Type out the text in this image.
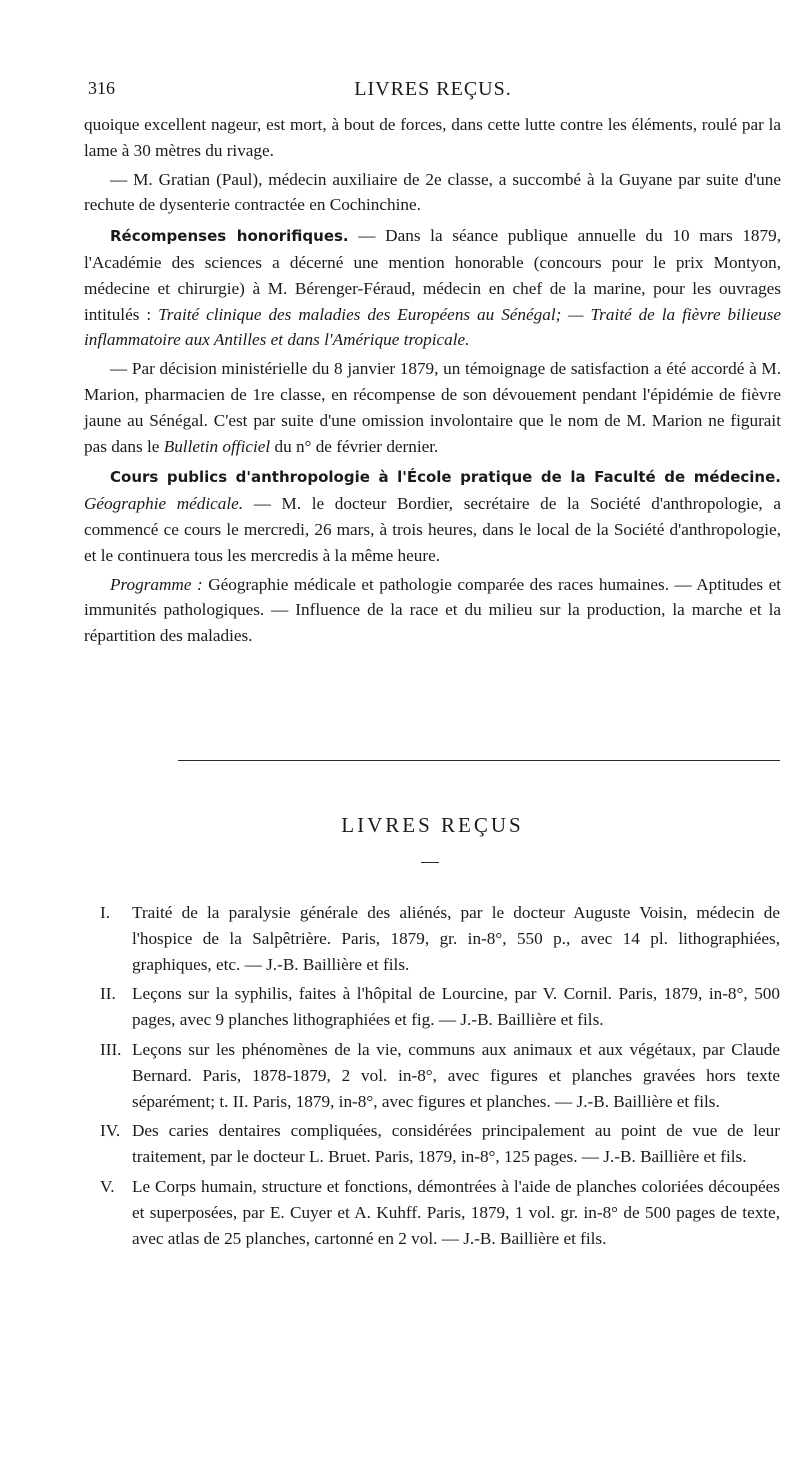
316	LIVRES REÇUS.

quoique excellent nageur, est mort, à bout de forces, dans cette lutte contre les éléments, roulé par la lame à 30 mètres du rivage.

— M. Gratian (Paul), médecin auxiliaire de 2e classe, a succombé à la Guyane par suite d'une rechute de dysenterie contractée en Cochinchine.

Récompenses honorifiques. — Dans la séance publique annuelle du 10 mars 1879, l'Académie des sciences a décerné une mention honorable (concours pour le prix Montyon, médecine et chirurgie) à M. Bérenger-Féraud, médecin en chef de la marine, pour les ouvrages intitulés : Traité clinique des maladies des Européens au Sénégal; — Traité de la fièvre bilieuse inflammatoire aux Antilles et dans l'Amérique tropicale.

— Par décision ministérielle du 8 janvier 1879, un témoignage de satisfaction a été accordé à M. Marion, pharmacien de 1re classe, en récompense de son dévouement pendant l'épidémie de fièvre jaune au Sénégal. C'est par suite d'une omission involontaire que le nom de M. Marion ne figurait pas dans le Bulletin officiel du n° de février dernier.

Cours publics d'anthropologie à l'École pratique de la Faculté de médecine. Géographie médicale. — M. le docteur Bordier, secrétaire de la Société d'anthropologie, a commencé ce cours le mercredi, 26 mars, à trois heures, dans le local de la Société d'anthropologie, et le continuera tous les mercredis à la même heure.

Programme : Géographie médicale et pathologie comparée des races humaines. — Aptitudes et immunités pathologiques. — Influence de la race et du milieu sur la production, la marche et la répartition des maladies.

LIVRES REÇUS
I.	Traité de la paralysie générale des aliénés, par le docteur Auguste Voisin, médecin de l'hospice de la Salpêtrière. Paris, 1879, gr. in-8°, 550 p., avec 14 pl. lithographiées, graphiques, etc. — J.-B. Baillière et fils.
II. Leçons sur la syphilis, faites à l'hôpital de Lourcine, par V. Cornil. Paris, 1879, in-8°, 500 pages, avec 9 planches lithographiées et fig. — J.-B. Baillière et fils.
III. Leçons sur les phénomènes de la vie, communs aux animaux et aux végétaux, par Claude Bernard. Paris, 1878-1879, 2 vol. in-8°, avec figures et planches gravées hors texte séparément; t. II. Paris, 1879, in-8°, avec figures et planches. — J.-B. Baillière et fils.
IV. Des caries dentaires compliquées, considérées principalement au point de vue de leur traitement, par le docteur L. Bruet. Paris, 1879, in-8°, 125 pages. — J.-B. Baillière et fils.
V.	Le Corps humain, structure et fonctions, démontrées à l'aide de planches coloriées découpées et superposées, par E. Cuyer et A. Kuhff. Paris, 1879, 1 vol. gr. in-8° de 500 pages de texte, avec atlas de 25 planches, cartonné en 2 vol. — J.-B. Baillière et fils.
